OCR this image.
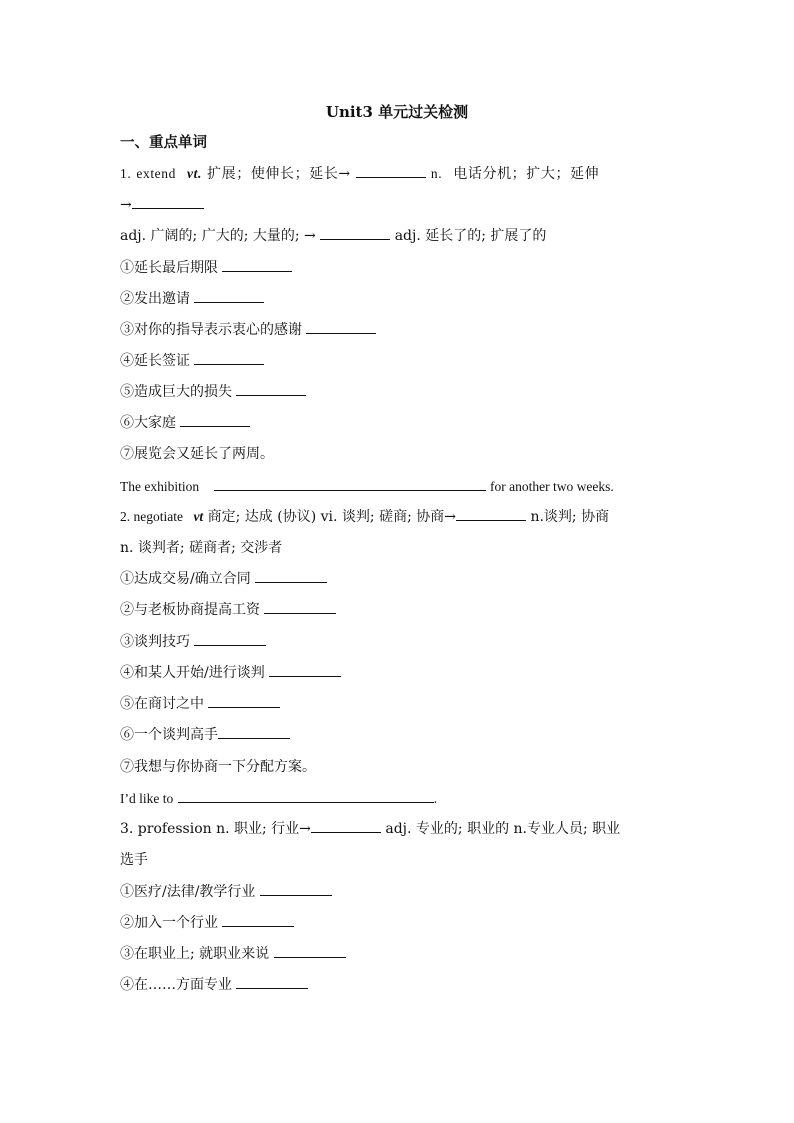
Unit3 单元过关检测
一、重点单词
1. extend vt. 扩展；使伸长；延长→	n. 电话分机；扩大；延伸
→
adj. 广阔的; 广大的; 大量的; →	adj. 延长了的; 扩展了的
①延长最后期限
②发出邀请
③对你的指导表示衷心的感谢
④延长签证
⑤造成巨大的损失
⑥大家庭
⑦展览会又延长了两周。
The exhibition	for another two weeks.
2. negotiate vt 商定; 达成 (协议) vi. 谈判; 磋商; 协商→	n.谈判; 协商
n. 谈判者; 磋商者; 交涉者
①达成交易/确立合同
②与老板协商提高工资
③谈判技巧
④和某人开始/进行谈判
⑤在商讨之中
⑥一个谈判高手
⑦我想与你协商一下分配方案。
I’d like to	.
3. profession n. 职业; 行业→	adj. 专业的; 职业的 n.专业人员; 职业
选手
①医疗/法律/教学行业
②加入一个行业
③在职业上; 就职业来说
④在……方面专业
